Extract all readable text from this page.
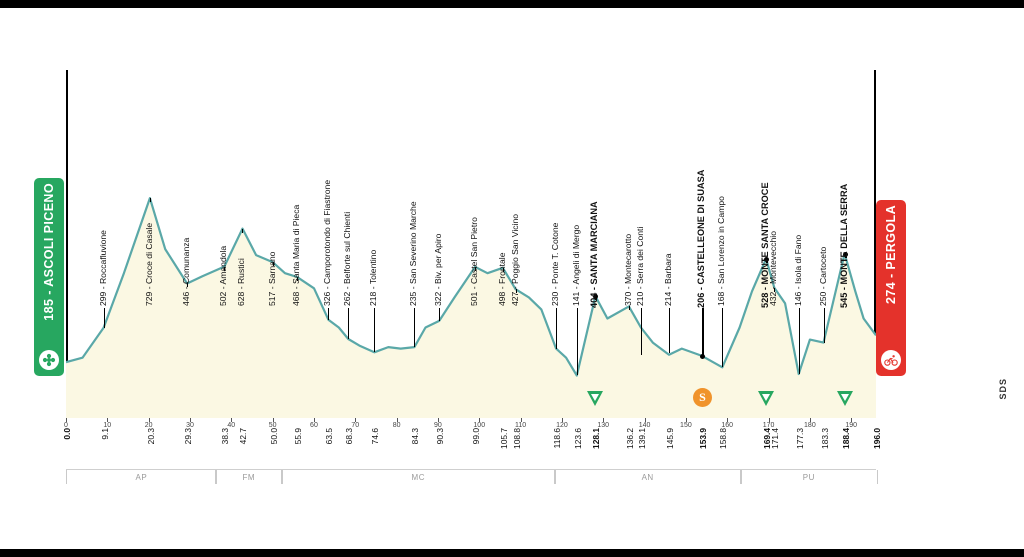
185 - ASCOLI PICENO	274 - PERGOLA
299 - Roccafluvione	729 - Croce di Casale	446 - Comunanza	502 - Amandola 628 - Rustici 517 - Sarnano 468 - Santa Maria di Pieca 326 - Camporotondo di Fiastrone 262 - Belforte sul Chienti 218 - Tolentino	235 - San Severino Marche 322 - Biv. per Apiro	501 - Castel San Pietro 498 - Frontale 427 - Poggio San Vicino	230 - Ponte T. Cotone 141 - Angeli di Mergo 404 - SANTA MARCIANA	370 - Montecarotto 210 - Serra dei Conti 214 - Barbara	206 - CASTELLEONE DI SUASA 168 - San Lorenzo in Campo	528 - MONTE SANTA CROCE
432 - Montevecchio 146 - Isola di Fano 250 - Cartoceto 545 - MONTE DELLA SERRA
S
0	10	20	30	40	50	60	70	80	90	100	110	120	130	140	150	160	170	180	190
0.0	9.1	20.3	29.3	38.3 42.7 50.0 55.9	63.5 68.3 74.6	84.3 90.3	99.0 105.7 108.8	118.6 123.6 128.1	136.2 139.1 145.9	153.9 158.8	169.4
171.4 177.3 183.3 188.4	196.0
AP	FM	MC	AN	PU
SDS
